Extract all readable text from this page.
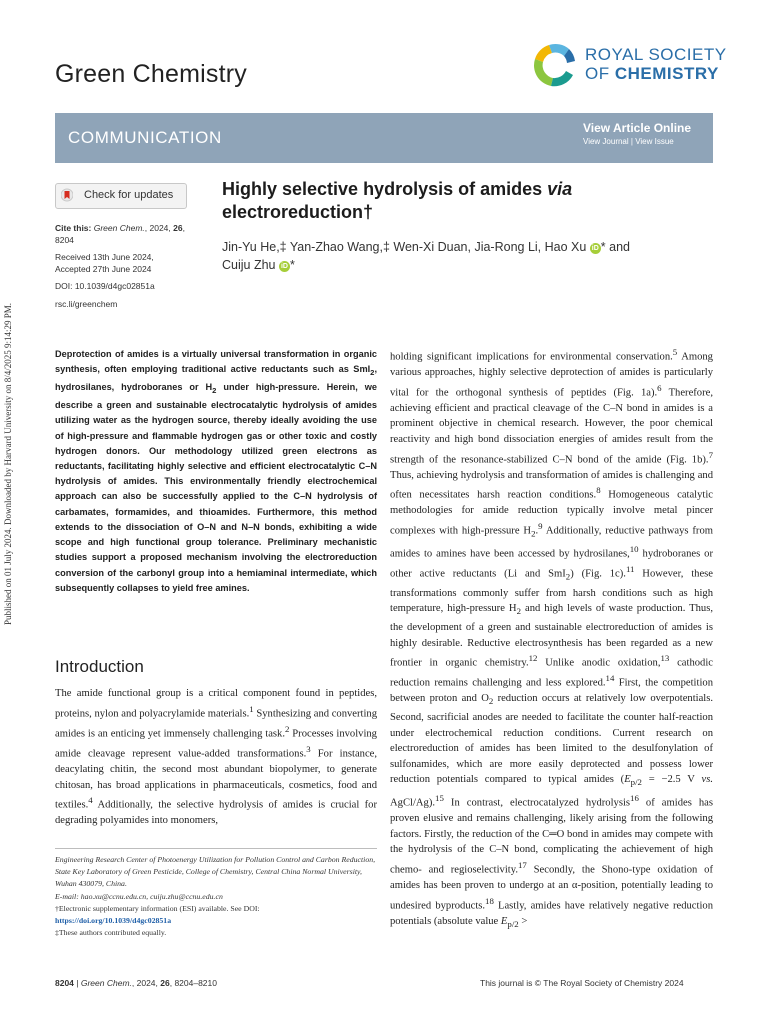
Green Chemistry
ROYAL SOCIETY
OF CHEMISTRY
COMMUNICATION	View Article Online
View Journal | View Issue
Published on 01 July 2024. Downloaded by Harvard University on 8/4/2025 9:14:29 PM.
Check for updates
Cite this: Green Chem., 2024, 26, 8204
Received 13th June 2024,
Accepted 27th June 2024
DOI: 10.1039/d4gc02851a
rsc.li/greenchem
Highly selective hydrolysis of amides via electroreduction†
Jin-Yu He,‡ Yan-Zhao Wang,‡ Wen-Xi Duan, Jia-Rong Li, Hao Xu iD * and
Cuiju Zhu iD *
Deprotection of amides is a virtually universal transformation in organic synthesis, often employing traditional active reductants such as SmI$_2$, hydrosilanes, hydroboranes or $H_2$ under high-pressure. Herein, we describe a green and sustainable electrocatalytic hydrolysis of amides utilizing water as the hydrogen source, thereby ideally avoiding the use of high-pressure and flammable hydrogen gas or other toxic and costly hydrogen donors. Our methodology utilized green electrons as reductants, facilitating highly selective and efficient electrocatalytic C–N hydrolysis of amides. This environmentally friendly electrochemical approach can also be successfully applied to the C–N hydrolysis of carbamates, formamides, and thioamides. Furthermore, this method extends to the dissociation of O–N and N–N bonds, exhibiting a wide scope and high functional group tolerance. Preliminary mechanistic studies support a proposed mechanism involving the electroreduction conversion of the carbonyl group into a hemiaminal intermediate, which subsequently collapses to yield free amines.
Introduction
The amide functional group is a critical component found in peptides, proteins, nylon and polyacrylamide materials.$^1$ Synthesizing and converting amides is an enticing yet immensely challenging task.$^2$ Processes involving amide cleavage represent value-added transformations.$^3$ For instance, deacylating chitin, the second most abundant biopolymer, to generate chitosan, has broad applications in pharmaceuticals, cosmetics, food and textiles.$^4$ Additionally, the selective hydrolysis of amides is crucial for degrading polyamides into monomers,
holding significant implications for environmental conservation.$^5$ Among various approaches, highly selective deprotection of amides is particularly vital for the orthogonal synthesis of peptides (Fig. 1a).$^6$ Therefore, achieving efficient and practical cleavage of the C–N bond in amides is a prominent objective in chemical research. However, the poor chemical reactivity and high bond dissociation energies of amides result from the strength of the resonance-stabilized C–N bond of the amide (Fig. 1b).$^7$ Thus, achieving hydrolysis and transformation of amides is challenging and often necessitates harsh reaction conditions.$^8$ Homogeneous catalytic methodologies for amide reduction typically involve metal pincer complexes with high-pressure $H_2.^9$ Additionally, reductive pathways from amides to amines have been accessed by hydrosilanes,$^{10}$ hydroboranes or other active reductants (Li and SmI$_2$) (Fig. 1c).$^{11}$ However, these transformations commonly suffer from harsh conditions such as high temperature, high-pressure $H_2$ and high levels of waste production. Thus, the development of a green and sustainable electroreduction of amides is highly desirable. Reductive electrosynthesis has been regarded as a new frontier in organic chemistry.$^{12}$ Unlike anodic oxidation,$^{13}$ cathodic reduction remains challenging and less explored.$^{14}$ First, the competition between proton and $O_2$ reduction occurs at relatively low overpotentials. Second, sacrificial anodes are needed to facilitate the counter half-reaction under electrochemical reduction conditions. Current research on electroreduction of amides has been limited to the desulfonylation of sulfonamides, which are more easily deprotected and possess lower reduction potentials compared to typical amides ($E_{p/2} = -2.5$ V vs. AgCl/Ag).$^{15}$ In contrast, electrocatalyzed hydrolysis$^{16}$ of amides has proven elusive and remains challenging, likely arising from the following factors. Firstly, the reduction of the C═O bond in amides may compete with the hydrolysis of the C–N bond, complicating the achievement of high chemo- and regioselectivity.$^{17}$ Secondly, the Shono-type oxidation of amides has been proven to undergo at an α-position, potentially leading to undesired byproducts.$^{18}$ Lastly, amides have relatively negative reduction potentials (absolute value $E_{p/2}$ >
Engineering Research Center of Photoenergy Utilization for Pollution Control and Carbon Reduction, State Key Laboratory of Green Pesticide, College of Chemistry, Central China Normal University, Wuhan 430079, China.
E-mail: hao.xu@ccnu.edu.cn, cuiju.zhu@ccnu.edu.cn
†Electronic supplementary information (ESI) available. See DOI: https://doi.org/10.1039/d4gc02851a
‡These authors contributed equally.
8204 | Green Chem., 2024, 26, 8204–8210	This journal is © The Royal Society of Chemistry 2024
